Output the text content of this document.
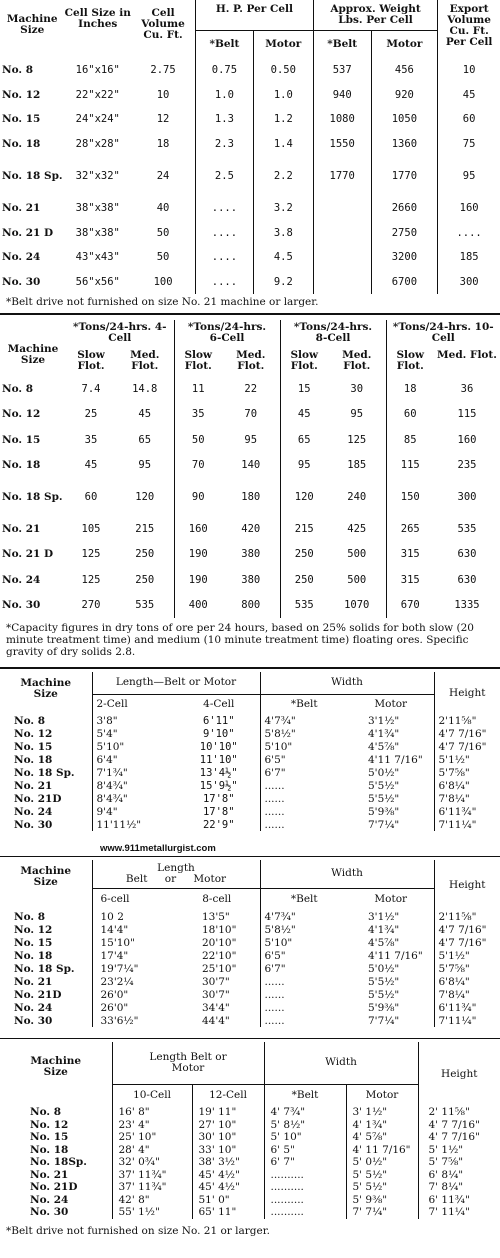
Machine Size	Cell Size in Inches	Cell Volume Cu. Ft.	H. P. Per Cell		Approx. Weight Lbs. Per Cell		Export Volume Cu. Ft. Per Cell
			*Belt	Motor	*Belt	Motor	
No. 8	16"x16"	2.75	0.75	0.50	537	456	10
No. 12	22"x22"	10	1.0	1.0	940	920	45
No. 15	24"x24"	12	1.3	1.2	1080	1050	60
No. 18	28"x28"	18	2.3	1.4	1550	1360	75
No. 18 Sp.	32"x32"	24	2.5	2.2	1770	1770	95
No. 21	38"x38"	40	....	3.2		2660	160
No. 21 D	38"x38"	50	....	3.8		2750	....
No. 24	43"x43"	50	....	4.5		3200	185
No. 30	56"x56"	100	....	9.2		6700	300
*Belt drive not furnished on size No. 21 machine or larger.
Machine Size	*Tons/24-hrs. 4-Cell		*Tons/24-hrs. 6-Cell		*Tons/24-hrs. 8-Cell		*Tons/24-hrs. 10-Cell	
	Slow Flot.	Med. Flot.	Slow Flot.	Med. Flot.	Slow Flot.	Med. Flot.	Slow Flot.	Med. Flot.
No. 8	7.4	14.8	11	22	15	30	18	36
No. 12	25	45	35	70	45	95	60	115
No. 15	35	65	50	95	65	125	85	160
No. 18	45	95	70	140	95	185	115	235
No. 18 Sp.	60	120	90	180	120	240	150	300
No. 21	105	215	160	420	215	425	265	535
No. 21 D	125	250	190	380	250	500	315	630
No. 24	125	250	190	380	250	500	315	630
No. 30	270	535	400	800	535	1070	670	1335
*Capacity figures in dry tons of ore per 24 hours, based on 25% solids for both slow (20 minute treatment time) and medium (10 minute treatment time) floating ores. Specific gravity of dry solids 2.8.
Machine Size	Length—Belt or Motor		Width		Height
	2-Cell	4-Cell	*Belt	Motor	
No. 8	3'8"	6'11"	4'7¾"	3'1½"	2'11⅝"
No. 12	5'4"	9'10"	5'8½"	4'1¾"	4'7 7/16"
No. 15	5'10"	10'10"	5'10"	4'5⅞"	4'7 7/16"
No. 18	6'4"	11'10"	6'5"	4'11 7/16"	5'1½"
No. 18 Sp.	7'1¾"	13'4½"	6'7"	5'0½"	5'7⅝"
No. 21	8'4¾"	15'9½"	......	5'5½"	6'8¼"
No. 21D	8'4¾"	17'8"	......	5'5½"	7'8¼"
No. 24	9'4"	17'8"	......	5'9⅜"	6'11¾"
No. 30	11'11½"	22'9"	......	7'7¼"	7'11¼"
www.911metallurgist.com
Machine Size	Length
Belt or Motor		Width		Height
	6-cell	8-cell	*Belt	Motor	
No. 8	10 2	13'5"	4'7¾"	3'1½"	2'11⅝"
No. 12	14'4"	18'10"	5'8½"	4'1¾"	4'7 7/16"
No. 15	15'10"	20'10"	5'10"	4'5⅞"	4'7 7/16"
No. 18	17'4"	22'10"	6'5"	4'11 7/16"	5'1½"
No. 18 Sp.	19'7¼"	25'10"	6'7"	5'0½"	5'7⅝"
No. 21	23'2¼	30'7"	......	5'5½"	6'8¼"
No. 21D	26'0"	30'7"	......	5'5½"	7'8¼"
No. 24	26'0"	34'4"	......	5'9⅜"	6'11¾"
No. 30	33'6½"	44'4"	......	7'7¼"	7'11¼"
Machine Size	Length Belt or Motor		Width		Height
	10-Cell	12-Cell	*Belt	Motor	
No. 8	16' 8"	19' 11"	4' 7¾"	3' 1½"	2' 11⅝"
No. 12	23' 4"	27' 10"	5' 8½"	4' 1¾"	4' 7 7/16"
No. 15	25' 10"	30' 10"	5' 10"	4' 5⅞"	4' 7 7/16"
No. 18	28' 4"	33' 10"	6' 5"	4' 11 7/16"	5' 1½"
No. 18Sp.	32' 0¾"	38' 3½"	6' 7"	5' 0½"	5' 7⅝"
No. 21	37' 11¾"	45' 4½"	..........	5' 5½"	6' 8¼"
No. 21D	37' 11¾"	45' 4½"	..........	5' 5½"	7' 8¼"
No. 24	42' 8"	51' 0"	..........	5' 9⅜"	6' 11¾"
No. 30	55' 1½"	65' 11"	..........	7' 7¼"	7' 11¼"
*Belt drive not furnished on size No. 21 or larger.
